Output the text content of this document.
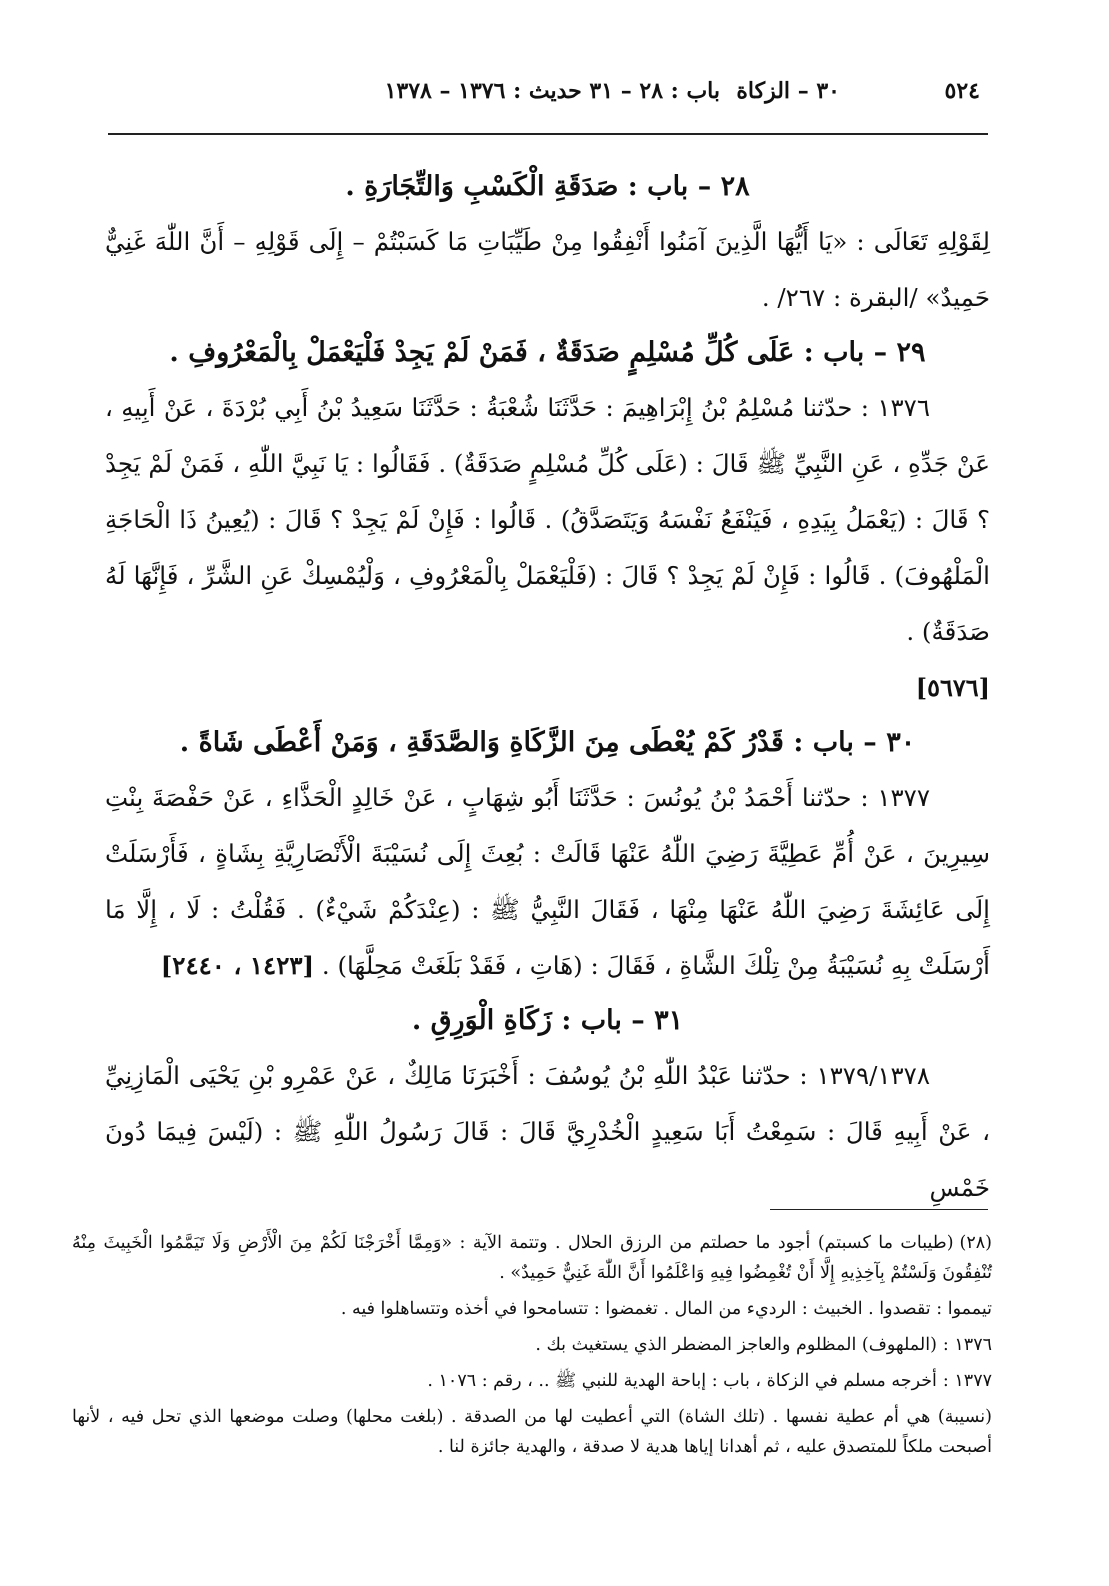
٥٢٤
٣٠ – الزكاة
باب : ٢٨ – ٣١ حديث : ١٣٧٦ – ١٣٧٨

٢٨ – باب : صَدَقَةِ الْكَسْبِ وَالتِّجَارَةِ .

لِقَوْلِهِ تَعَالَى : «يَا أَيُّهَا الَّذِينَ آمَنُوا أَنْفِقُوا مِنْ طَيِّبَاتِ مَا كَسَبْتُمْ – إِلَى قَوْلِهِ – أَنَّ اللّٰهَ غَنِيٌّ حَمِيدٌ» /البقرة : ٢٦٧/ .

٢٩ – باب : عَلَى كُلِّ مُسْلِمٍ صَدَقَةٌ ، فَمَنْ لَمْ يَجِدْ فَلْيَعْمَلْ بِالْمَعْرُوفِ .

١٣٧٦ : حدّثنا مُسْلِمُ بْنُ إِبْرَاهِيمَ : حَدَّثَنَا شُعْبَةُ : حَدَّثَنَا سَعِيدُ بْنُ أَبِي بُرْدَةَ ، عَنْ أَبِيهِ ، عَنْ جَدِّهِ ، عَنِ النَّبِيِّ ﷺ قَالَ : (عَلَى كُلِّ مُسْلِمٍ صَدَقَةٌ) . فَقَالُوا : يَا نَبِيَّ اللّٰهِ ، فَمَنْ لَمْ يَجِدْ ؟ قَالَ : (يَعْمَلُ بِيَدِهِ ، فَيَنْفَعُ نَفْسَهُ وَيَتَصَدَّقُ) . قَالُوا : فَإِنْ لَمْ يَجِدْ ؟ قَالَ : (يُعِينُ ذَا الْحَاجَةِ الْمَلْهُوفَ) . قَالُوا : فَإِنْ لَمْ يَجِدْ ؟ قَالَ : (فَلْيَعْمَلْ بِالْمَعْرُوفِ ، وَلْيُمْسِكْ عَنِ الشَّرِّ ، فَإِنَّهَا لَهُ صَدَقَةٌ) .

[٥٦٧٦]

٣٠ – باب : قَدْرُ كَمْ يُعْطَى مِنَ الزَّكَاةِ وَالصَّدَقَةِ ، وَمَنْ أَعْطَى شَاةً .

١٣٧٧ : حدّثنا أَحْمَدُ بْنُ يُونُسَ : حَدَّثَنَا أَبُو شِهَابٍ ، عَنْ خَالِدٍ الْحَذَّاءِ ، عَنْ حَفْصَةَ بِنْتِ سِيرِينَ ، عَنْ أُمِّ عَطِيَّةَ رَضِيَ اللّٰهُ عَنْهَا قَالَتْ : بُعِثَ إِلَى نُسَيْبَةَ الْأَنْصَارِيَّةِ بِشَاةٍ ، فَأَرْسَلَتْ إِلَى عَائِشَةَ رَضِيَ اللّٰهُ عَنْهَا مِنْهَا ، فَقَالَ النَّبِيُّ ﷺ : (عِنْدَكُمْ شَيْءٌ) . فَقُلْتُ : لَا ، إِلَّا مَا أَرْسَلَتْ بِهِ نُسَيْبَةُ مِنْ تِلْكَ الشَّاةِ ، فَقَالَ : (هَاتِ ، فَقَدْ بَلَغَتْ مَحِلَّهَا) . [١٤٢٣ ، ٢٤٤٠]

٣١ – باب : زَكَاةِ الْوَرِقِ .

١٣٧٩/١٣٧٨ : حدّثنا عَبْدُ اللّٰهِ بْنُ يُوسُفَ : أَخْبَرَنَا مَالِكٌ ، عَنْ عَمْرِو بْنِ يَحْيَى الْمَازِنِيِّ ، عَنْ أَبِيهِ قَالَ : سَمِعْتُ أَبَا سَعِيدٍ الْخُدْرِيَّ قَالَ : قَالَ رَسُولُ اللّٰهِ ﷺ : (لَيْسَ فِيمَا دُونَ خَمْسِ

(٢٨)(طيبات ما كسبتم) أجود ما حصلتم من الرزق الحلال . وتتمة الآية : «وَمِمَّا أَخْرَجْنَا لَكُمْ مِنَ الْأَرْضِ وَلَا تَيَمَّمُوا الْخَبِيثَ مِنْهُ تُنْفِقُونَ وَلَسْتُمْ بِآخِذِيهِ إِلَّا أَنْ تُغْمِضُوا فِيهِ وَاعْلَمُوا أَنَّ اللّٰهَ غَنِيٌّ حَمِيدٌ» .

تيمموا : تقصدوا . الخبيث : الرديء من المال . تغمضوا : تتسامحوا في أخذه وتتساهلوا فيه .

١٣٧٦ :(الملهوف) المظلوم والعاجز المضطر الذي يستغيث بك .

١٣٧٧ :أخرجه مسلم في الزكاة ، باب : إباحة الهدية للنبي ﷺ .. ، رقم : ١٠٧٦ .

(نسيبة) هي أم عطية نفسها . (تلك الشاة) التي أعطيت لها من الصدقة . (بلغت محلها) وصلت موضعها الذي تحل فيه ، لأنها أصبحت ملكاً للمتصدق عليه ، ثم أهدانا إياها هدية لا صدقة ، والهدية جائزة لنا .
